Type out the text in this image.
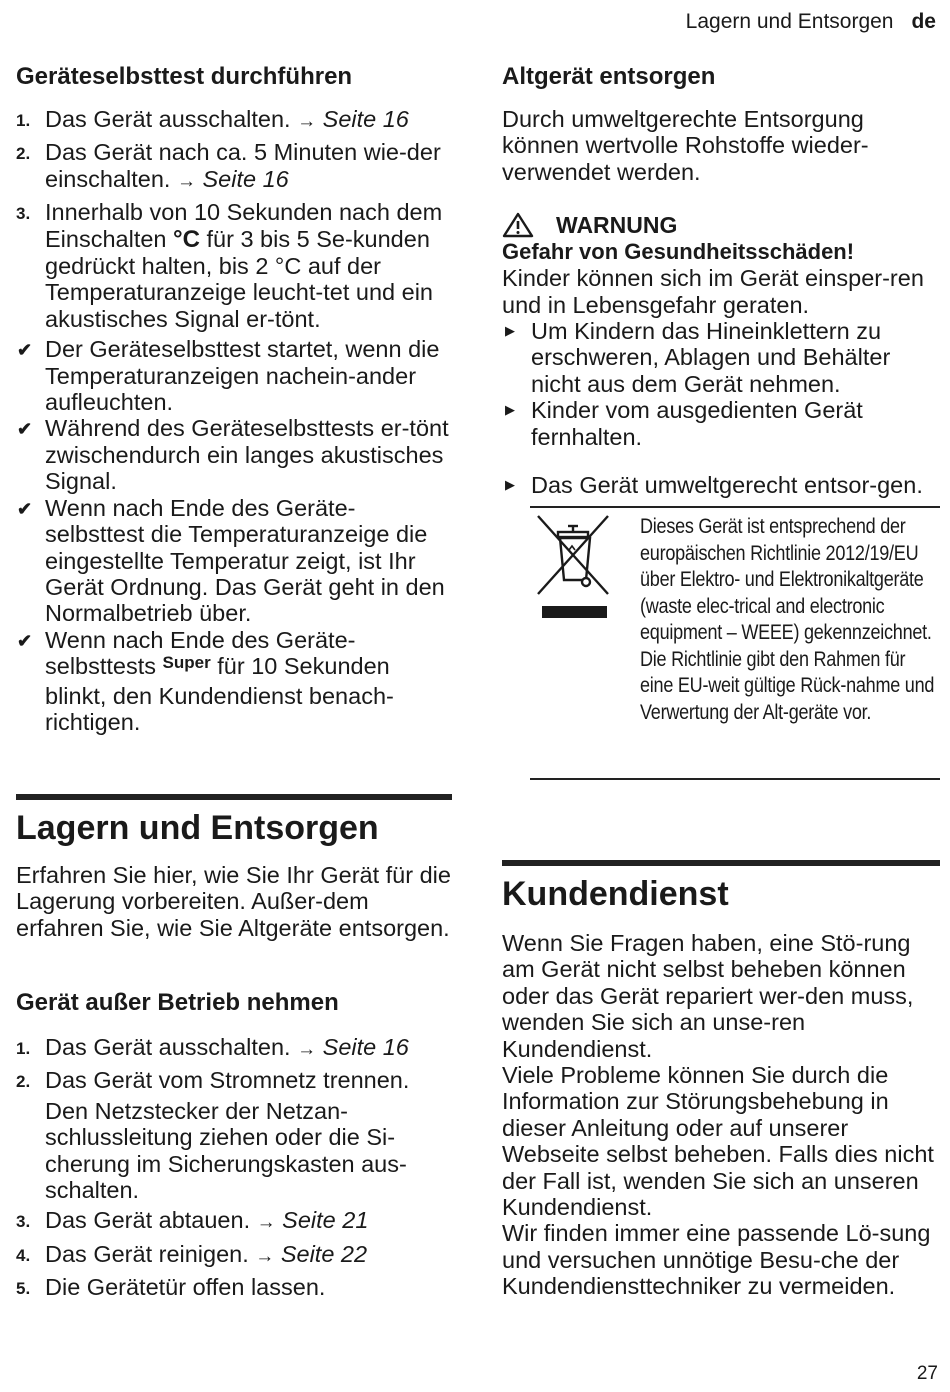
Lagern und Entsorgen de
Geräteselbsttest durchführen
1. Das Gerät ausschalten. → Seite 16
2. Das Gerät nach ca. 5 Minuten wie-der einschalten. → Seite 16
3. Innerhalb von 10 Sekunden nach dem Einschalten °C für 3 bis 5 Se-kunden gedrückt halten, bis 2 °C auf der Temperaturanzeige leucht-tet und ein akustisches Signal er-tönt.

✔ Der Geräteselbsttest startet, wenn die Temperaturanzeigen nachein-ander aufleuchten.

✔ Während des Geräteselbsttests er-tönt zwischendurch ein langes akustisches Signal.

✔ Wenn nach Ende des Geräte-selbsttest die Temperaturanzeige die eingestellte Temperatur zeigt, ist Ihr Gerät Ordnung. Das Gerät geht in den Normalbetrieb über.

✔ Wenn nach Ende des Geräte-selbsttests $^{Super}$ für 10 Sekunden blinkt, den Kundendienst benach-richtigen.

Lagern und Entsorgen

Erfahren Sie hier, wie Sie Ihr Gerät für die Lagerung vorbereiten. Außer-dem erfahren Sie, wie Sie Altgeräte entsorgen.

Gerät außer Betrieb nehmen
1. Das Gerät ausschalten. → Seite 16
2. Das Gerät vom Stromnetz trennen.
Den Netzstecker der Netzan-schlussleitung ziehen oder die Si-cherung im Sicherungskasten aus-schalten.
3. Das Gerät abtauen. → Seite 21
4. Das Gerät reinigen. → Seite 22
5. Die Gerätetür offen lassen.
Altgerät entsorgen

Durch umweltgerechte Entsorgung können wertvolle Rohstoffe wieder-verwendet werden.

WARNUNG

Gefahr von Gesundheitsschäden!

Kinder können sich im Gerät einsper-ren und in Lebensgefahr geraten.

▶ Um Kindern das Hineinklettern zu erschweren, Ablagen und Behälter nicht aus dem Gerät nehmen.

▶ Kinder vom ausgedienten Gerät fernhalten.

▶ Das Gerät umweltgerecht entsor-gen.

Dieses Gerät ist entsprechend der europäischen Richtlinie 2012/19/EU über Elektro- und Elektronikaltgeräte (waste elec-trical and electronic equipment – WEEE) gekennzeichnet.

Die Richtlinie gibt den Rahmen für eine EU-weit gültige Rück-nahme und Verwertung der Alt-geräte vor.

Kundendienst

Wenn Sie Fragen haben, eine Stö-rung am Gerät nicht selbst beheben können oder das Gerät repariert wer-den muss, wenden Sie sich an unse-ren Kundendienst.

Viele Probleme können Sie durch die Information zur Störungsbehebung in dieser Anleitung oder auf unserer Webseite selbst beheben. Falls dies nicht der Fall ist, wenden Sie sich an unseren Kundendienst.

Wir finden immer eine passende Lö-sung und versuchen unnötige Besu-che der Kundendiensttechniker zu vermeiden.

27
